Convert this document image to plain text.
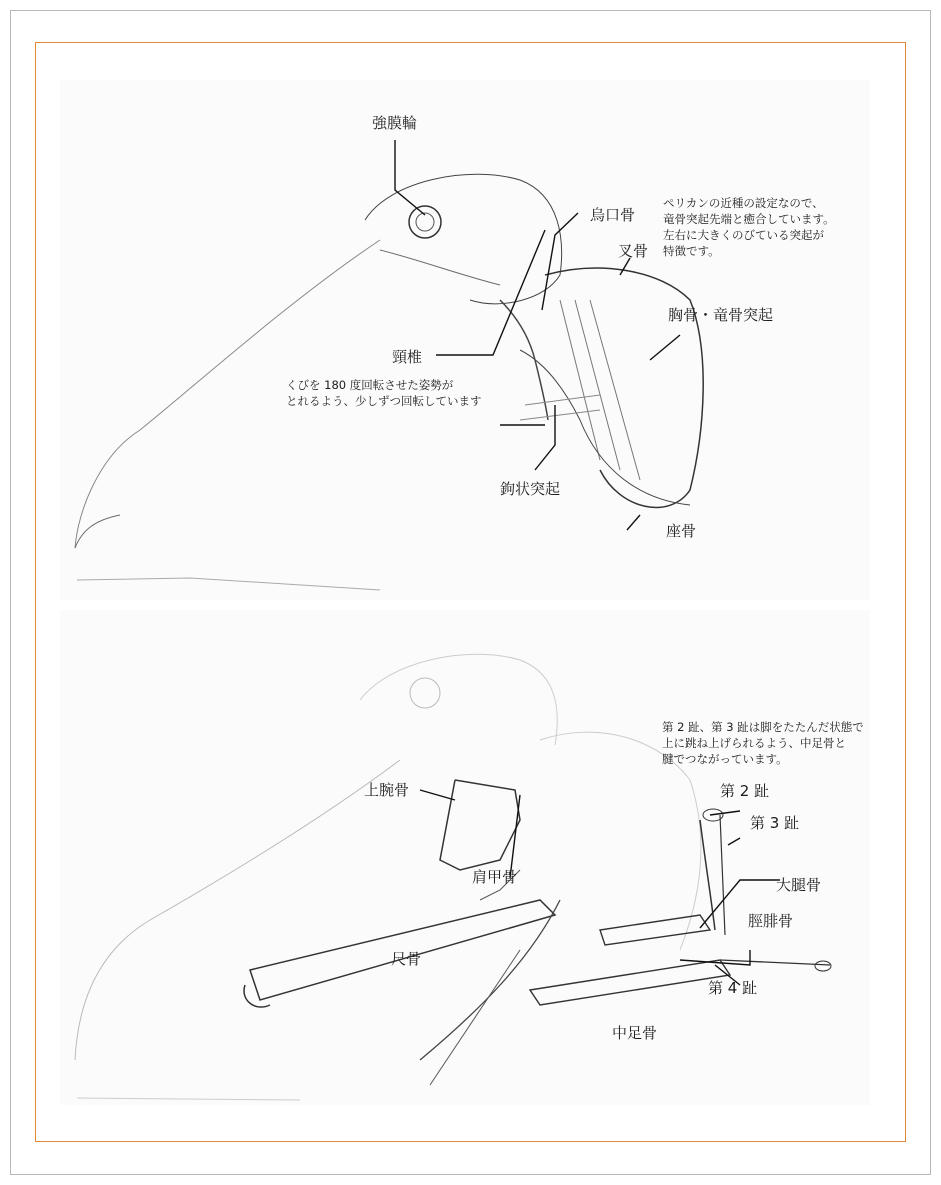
強膜輪
烏口骨
叉骨
胸骨・竜骨突起
頸椎
鉤状突起
座骨
ペリカンの近種の設定なので、
竜骨突起先端と癒合しています。
左右に大きくのびている突起が
特徴です。
くびを 180 度回転させた姿勢が
とれるよう、少しずつ回転しています
第 2 趾、第 3 趾は脚をたたんだ状態で
上に跳ね上げられるよう、中足骨と
腱でつながっています。
第 2 趾
第 3 趾
上腕骨
肩甲骨	大腿骨
脛腓骨
尺骨
第 4 趾
中足骨
